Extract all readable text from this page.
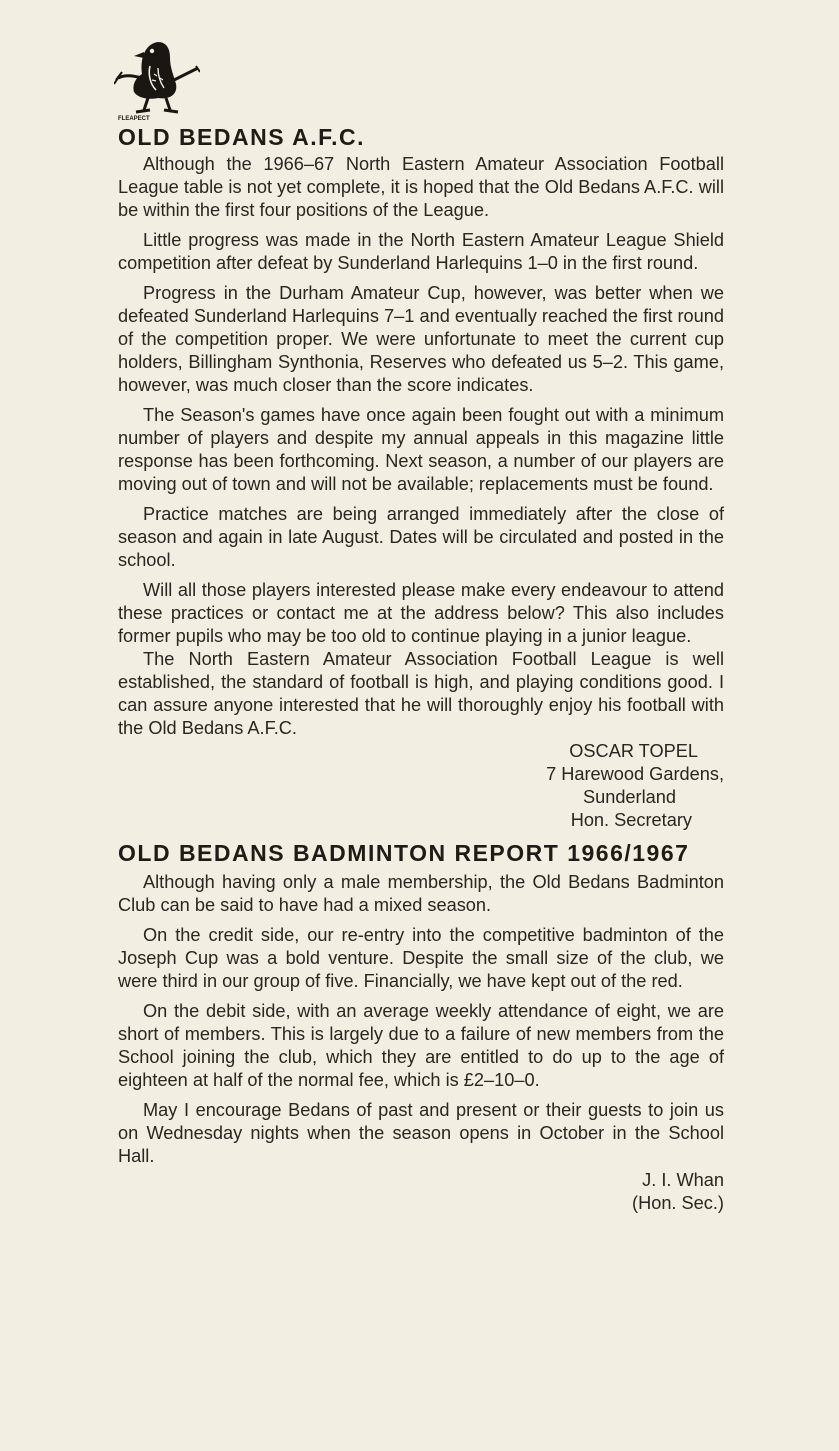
FLEAPECT
OLD BEDANS A.F.C.

Although the 1966–67 North Eastern Amateur Association Football League table is not yet complete, it is hoped that the Old Bedans A.F.C. will be within the first four positions of the League.

Little progress was made in the North Eastern Amateur League Shield competition after defeat by Sunderland Harlequins 1–0 in the first round.

Progress in the Durham Amateur Cup, however, was better when we defeated Sunderland Harlequins 7–1 and eventually reached the first round of the competition proper. We were unfortunate to meet the current cup holders, Billingham Synthonia, Reserves who defeated us 5–2. This game, however, was much closer than the score indicates.

The Season's games have once again been fought out with a minimum number of players and despite my annual appeals in this magazine little response has been forthcoming. Next season, a number of our players are moving out of town and will not be available; replacements must be found.

Practice matches are being arranged immediately after the close of season and again in late August. Dates will be circulated and posted in the school.

Will all those players interested please make every endeavour to attend these practices or contact me at the address below? This also includes former pupils who may be too old to continue playing in a junior league.

The North Eastern Amateur Association Football League is well established, the standard of football is high, and playing conditions good. I can assure anyone interested that he will thoroughly enjoy his football with the Old Bedans A.F.C.

OSCAR TOPEL
7 Harewood Gardens,
Sunderland
Hon. Secretary
OLD BEDANS BADMINTON REPORT 1966/1967

Although having only a male membership, the Old Bedans Badminton Club can be said to have had a mixed season.

On the credit side, our re-entry into the competitive badminton of the Joseph Cup was a bold venture. Despite the small size of the club, we were third in our group of five. Financially, we have kept out of the red.

On the debit side, with an average weekly attendance of eight, we are short of members. This is largely due to a failure of new members from the School joining the club, which they are entitled to do up to the age of eighteen at half of the normal fee, which is £2–10–0.

May I encourage Bedans of past and present or their guests to join us on Wednesday nights when the season opens in October in the School Hall.

J. I. Whan
(Hon. Sec.)
